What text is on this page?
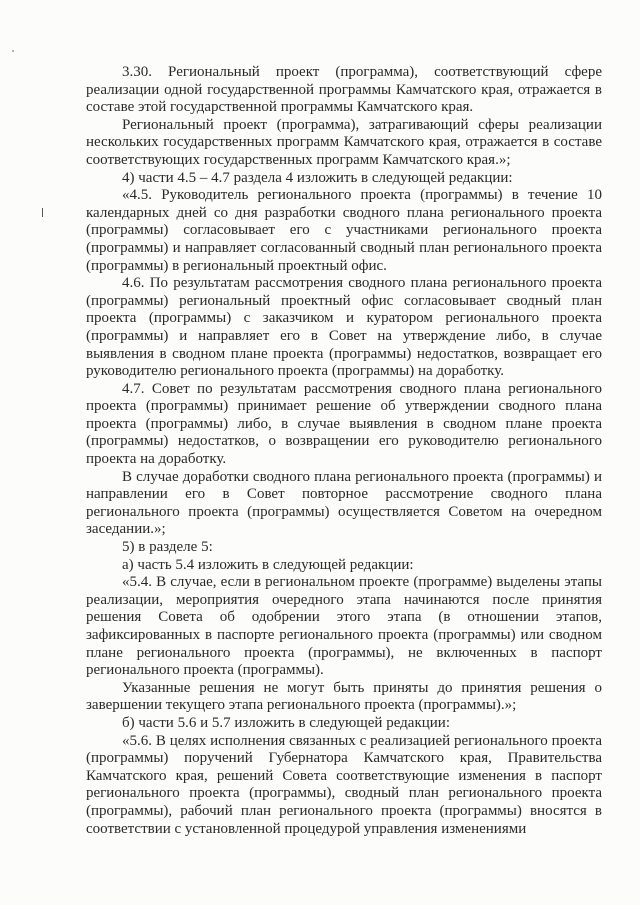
3.30. Региональный проект (программа), соответствующий сфере реализации одной государственной программы Камчатского края, отражается в составе этой государственной программы Камчатского края.

Региональный проект (программа), затрагивающий сферы реализации нескольких государственных программ Камчатского края, отражается в составе соответствующих государственных программ Камчатского края.»;

4) части 4.5 – 4.7 раздела 4 изложить в следующей редакции:

«4.5. Руководитель регионального проекта (программы) в течение 10 календарных дней со дня разработки сводного плана регионального проекта (программы) согласовывает его с участниками регионального проекта (программы) и направляет согласованный сводный план регионального проекта (программы) в региональный проектный офис.

4.6. По результатам рассмотрения сводного плана регионального проекта (программы) региональный проектный офис согласовывает сводный план проекта (программы) с заказчиком и куратором регионального проекта (программы) и направляет его в Совет на утверждение либо, в случае выявления в сводном плане проекта (программы) недостатков, возвращает его руководителю регионального проекта (программы) на доработку.

4.7. Совет по результатам рассмотрения сводного плана регионального проекта (программы) принимает решение об утверждении сводного плана проекта (программы) либо, в случае выявления в сводном плане проекта (программы) недостатков, о возвращении его руководителю регионального проекта на доработку.

В случае доработки сводного плана регионального проекта (программы) и направлении его в Совет повторное рассмотрение сводного плана регионального проекта (программы) осуществляется Советом на очередном заседании.»;

5) в разделе 5:

а) часть 5.4 изложить в следующей редакции:

«5.4. В случае, если в региональном проекте (программе) выделены этапы реализации, мероприятия очередного этапа начинаются после принятия решения Совета об одобрении этого этапа (в отношении этапов, зафиксированных в паспорте регионального проекта (программы) или сводном плане регионального проекта (программы), не включенных в паспорт регионального проекта (программы).

Указанные решения не могут быть приняты до принятия решения о завершении текущего этапа регионального проекта (программы).»;

б) части 5.6 и 5.7 изложить в следующей редакции:

«5.6. В целях исполнения связанных с реализацией регионального проекта (программы) поручений Губернатора Камчатского края, Правительства Камчатского края, решений Совета соответствующие изменения в паспорт регионального проекта (программы), сводный план регионального проекта (программы), рабочий план регионального проекта (программы) вносятся в соответствии с установленной процедурой управления изменениями
